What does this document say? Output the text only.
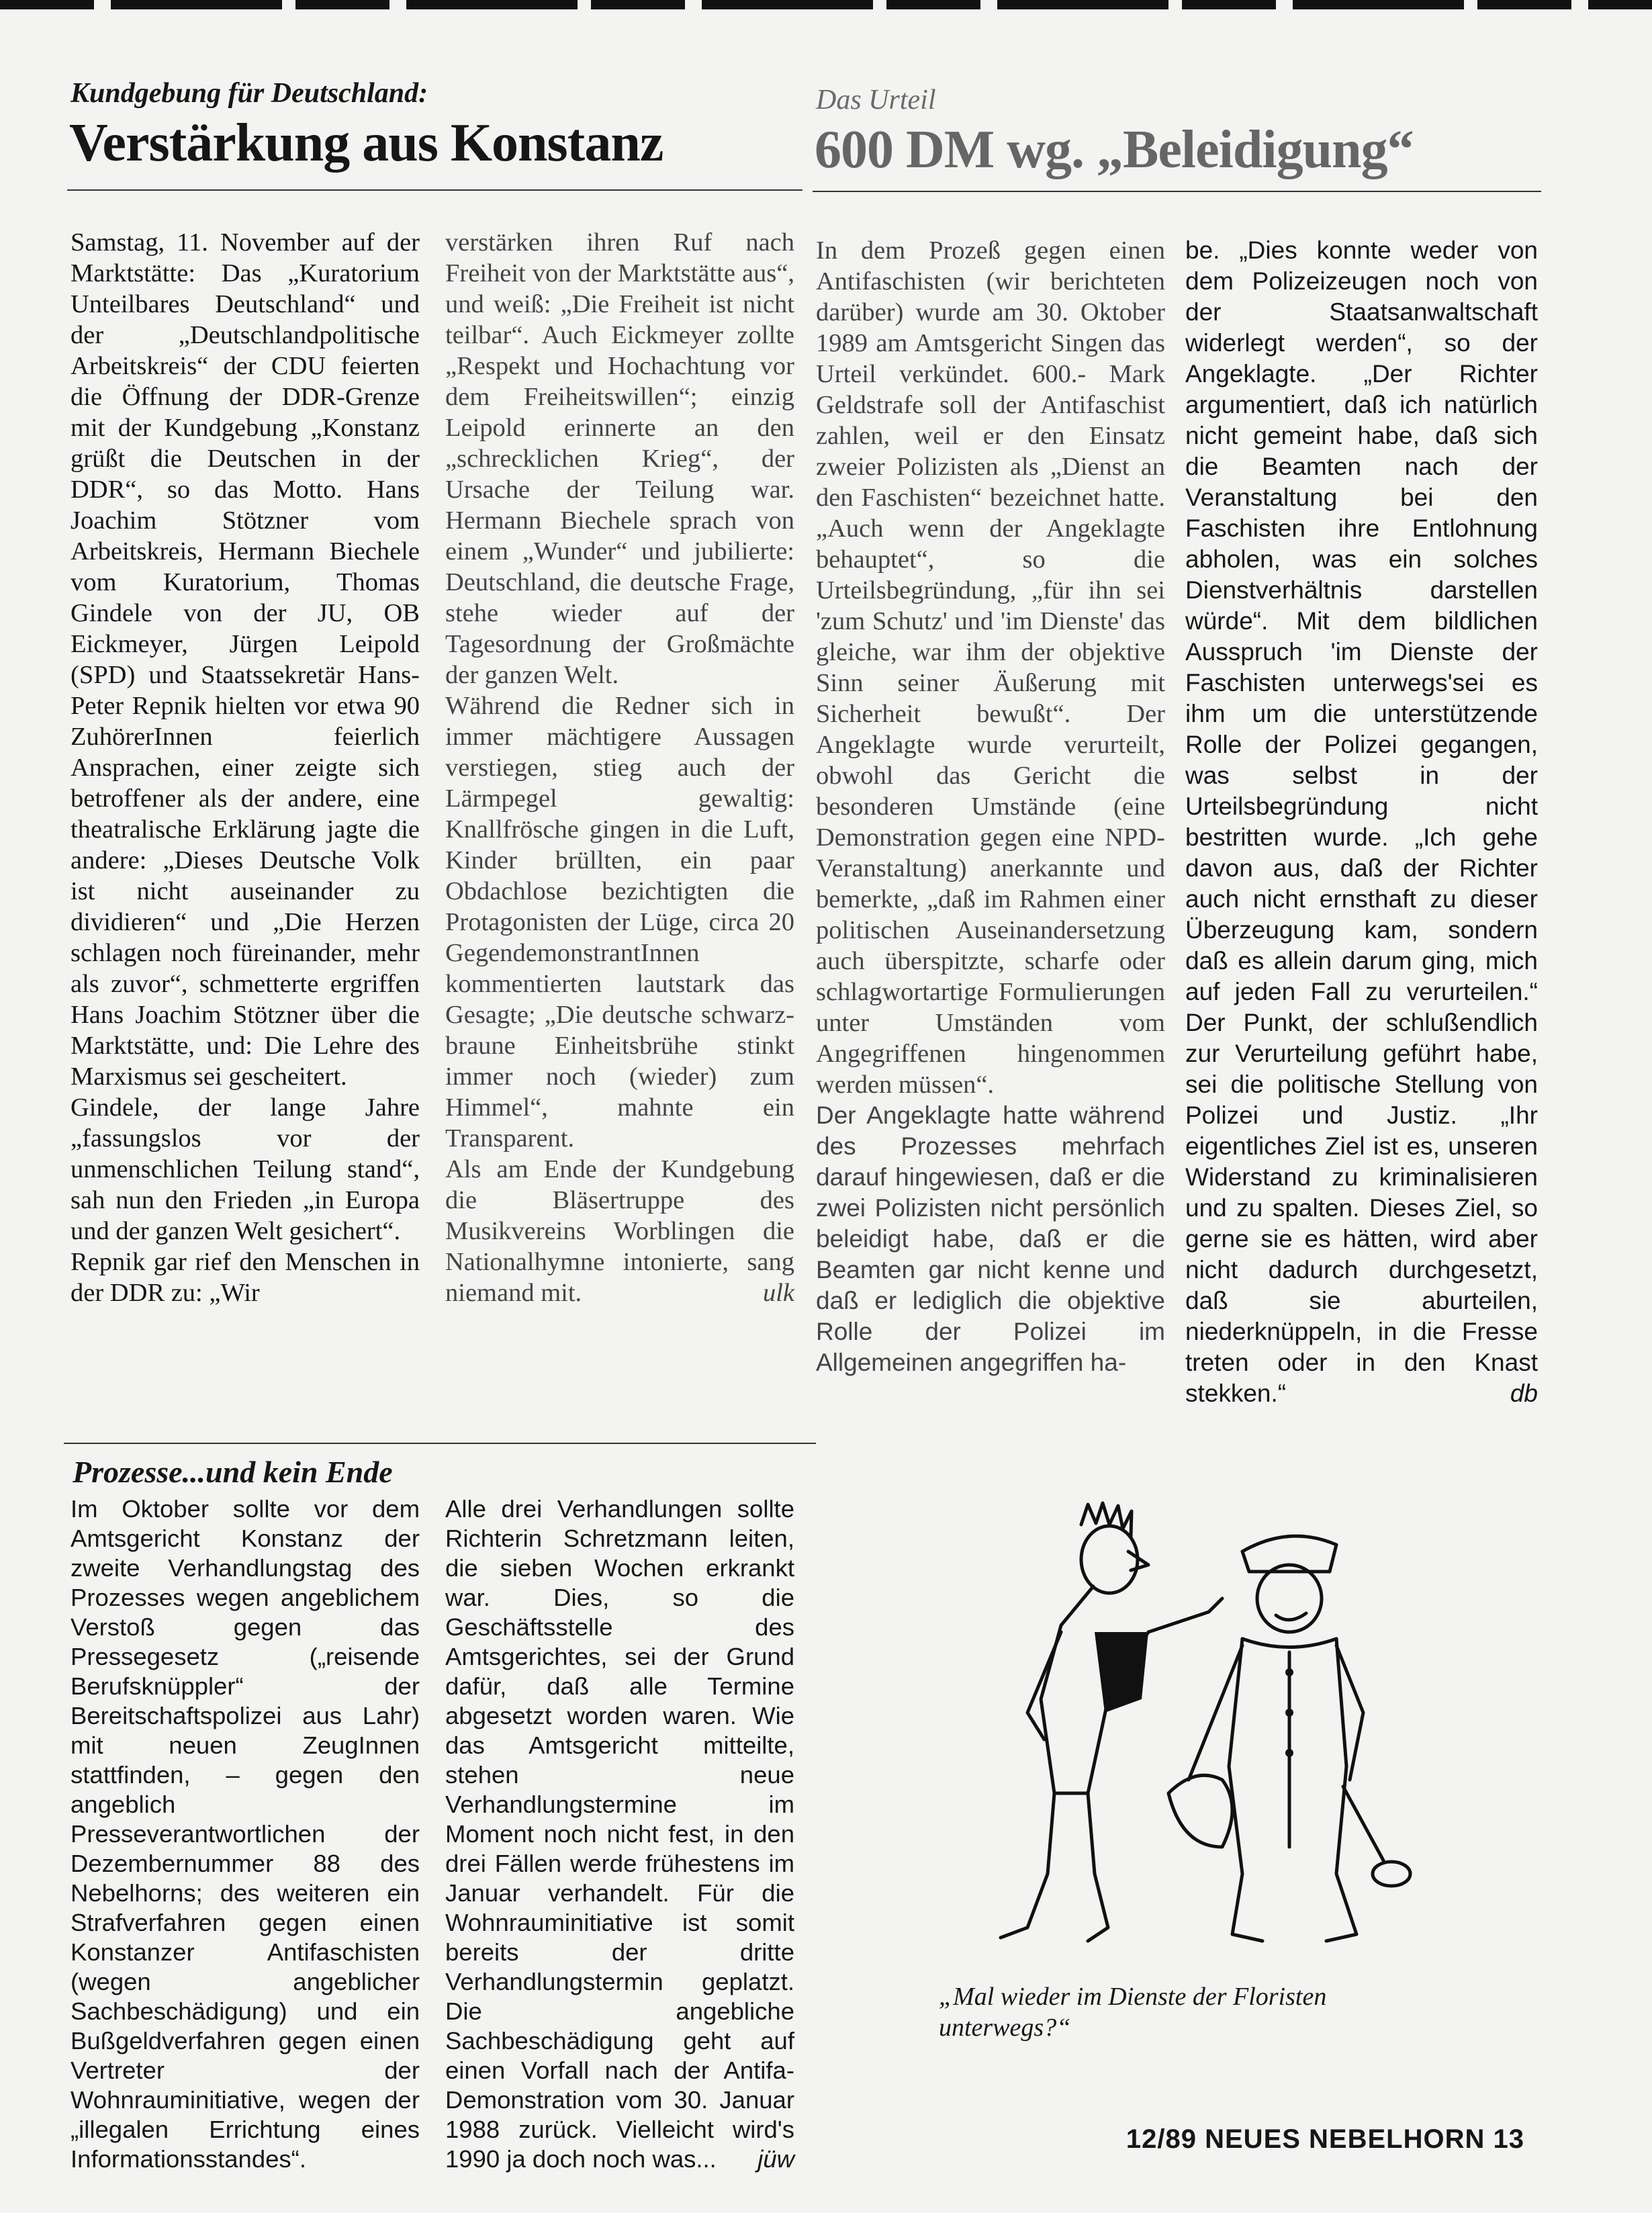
Kundgebung für Deutschland:
Verstärkung aus Konstanz

Samstag, 11. November auf der Marktstätte: Das „Kuratorium Unteilbares Deutschland“ und der „Deutschlandpolitische Arbeitskreis“ der CDU feierten die Öffnung der DDR-Grenze mit der Kundgebung „Konstanz grüßt die Deutschen in der DDR“, so das Motto. Hans Joachim Stötzner vom Arbeitskreis, Hermann Biechele vom Kuratorium, Thomas Gindele von der JU, OB Eickmeyer, Jürgen Leipold (SPD) und Staatssekretär Hans-Peter Repnik hielten vor etwa 90 ZuhörerInnen feierlich Ansprachen, einer zeigte sich betroffener als der andere, eine theatralische Erklärung jagte die andere: „Dieses Deutsche Volk ist nicht auseinander zu dividieren“ und „Die Herzen schlagen noch füreinander, mehr als zuvor“, schmetterte ergriffen Hans Joachim Stötzner über die Marktstätte, und: Die Lehre des Marxismus sei gescheitert.

Gindele, der lange Jahre „fassungslos vor der unmenschlichen Teilung stand“, sah nun den Frieden „in Europa und der ganzen Welt gesichert“.

Repnik gar rief den Menschen in der DDR zu: „Wir

verstärken ihren Ruf nach Freiheit von der Marktstätte aus“, und weiß: „Die Freiheit ist nicht teilbar“. Auch Eickmeyer zollte „Respekt und Hochachtung vor dem Freiheitswillen“; einzig Leipold erinnerte an den „schrecklichen Krieg“, der Ursache der Teilung war. Hermann Biechele sprach von einem „Wunder“ und jubilierte: Deutschland, die deutsche Frage, stehe wieder auf der Tagesordnung der Großmächte der ganzen Welt.

Während die Redner sich in immer mächtigere Aussagen verstiegen, stieg auch der Lärmpegel gewaltig: Knallfrösche gingen in die Luft, Kinder brüllten, ein paar Obdachlose bezichtigten die Protagonisten der Lüge, circa 20 GegendemonstrantInnen kommentierten lautstark das Gesagte; „Die deutsche schwarz-braune Einheitsbrühe stinkt immer noch (wieder) zum Himmel“, mahnte ein Transparent.

Als am Ende der Kundgebung die Bläsertruppe des Musikvereins Worblingen die Nationalhymne intonierte, sang niemand mit.	ulk

Das Urteil
600 DM wg. „Beleidigung“

In dem Prozeß gegen einen Antifaschisten (wir berichteten darüber) wurde am 30. Oktober 1989 am Amtsgericht Singen das Urteil verkündet. 600.- Mark Geldstrafe soll der Antifaschist zahlen, weil er den Einsatz zweier Polizisten als „Dienst an den Faschisten“ bezeichnet hatte. „Auch wenn der Angeklagte behauptet“, so die Urteilsbegründung, „für ihn sei 'zum Schutz' und 'im Dienste' das gleiche, war ihm der objektive Sinn seiner Äußerung mit Sicherheit bewußt“. Der Angeklagte wurde verurteilt, obwohl das Gericht die besonderen Umstände (eine Demonstration gegen eine NPD-Veranstaltung) anerkannte und bemerkte, „daß im Rahmen einer politischen Auseinandersetzung auch überspitzte, scharfe oder schlagwortartige Formulierungen unter Umständen vom Angegriffenen hingenommen werden müssen“.

Der Angeklagte hatte während des Prozesses mehrfach darauf hingewiesen, daß er die zwei Polizisten nicht persönlich beleidigt habe, daß er die Beamten gar nicht kenne und daß er lediglich die objektive Rolle der Polizei im Allgemeinen angegriffen ha-

be. „Dies konnte weder von dem Polizeizeugen noch von der Staatsanwaltschaft widerlegt werden“, so der Angeklagte. „Der Richter argumentiert, daß ich natürlich nicht gemeint habe, daß sich die Beamten nach der Veranstaltung bei den Faschisten ihre Entlohnung abholen, was ein solches Dienstverhältnis darstellen würde“. Mit dem bildlichen Ausspruch 'im Dienste der Faschisten unterwegs'sei es ihm um die unterstützende Rolle der Polizei gegangen, was selbst in der Urteilsbegründung nicht bestritten wurde. „Ich gehe davon aus, daß der Richter auch nicht ernsthaft zu dieser Überzeugung kam, sondern daß es allein darum ging, mich auf jeden Fall zu verurteilen.“ Der Punkt, der schlußendlich zur Verurteilung geführt habe, sei die politische Stellung von Polizei und Justiz. „Ihr eigentliches Ziel ist es, unseren Widerstand zu kriminalisieren und zu spalten. Dieses Ziel, so gerne sie es hätten, wird aber nicht dadurch durchgesetzt, daß sie aburteilen, niederknüppeln, in die Fresse treten oder in den Knast stekken.“	db

Prozesse...und kein Ende

Im Oktober sollte vor dem Amtsgericht Konstanz der zweite Verhandlungstag des Prozesses wegen angeblichem Verstoß gegen das Pressegesetz („reisende Berufsknüppler“ der Bereitschaftspolizei aus Lahr) mit neuen ZeugInnen stattfinden, – gegen den angeblich Presseverantwortlichen der Dezembernummer 88 des Nebelhorns; des weiteren ein Strafverfahren gegen einen Konstanzer Antifaschisten (wegen angeblicher Sachbeschädigung) und ein Bußgeldverfahren gegen einen Vertreter der Wohnrauminitiative, wegen der „illegalen Errichtung eines Informationsstandes“.

Alle drei Verhandlungen sollte Richterin Schretzmann leiten, die sieben Wochen erkrankt war. Dies, so die Geschäftsstelle des Amtsgerichtes, sei der Grund dafür, daß alle Termine abgesetzt worden waren. Wie das Amtsgericht mitteilte, stehen neue Verhandlungstermine im Moment noch nicht fest, in den drei Fällen werde frühestens im Januar verhandelt. Für die Wohnrauminitiative ist somit bereits der dritte Verhandlungstermin geplatzt. Die angebliche Sachbeschädigung geht auf einen Vorfall nach der Antifa-Demonstration vom 30. Januar 1988 zurück. Vielleicht wird's 1990 ja doch noch was... jüw

„Mal wieder im Dienste der Floristen unterwegs?“
12/89 NEUES NEBELHORN 13
